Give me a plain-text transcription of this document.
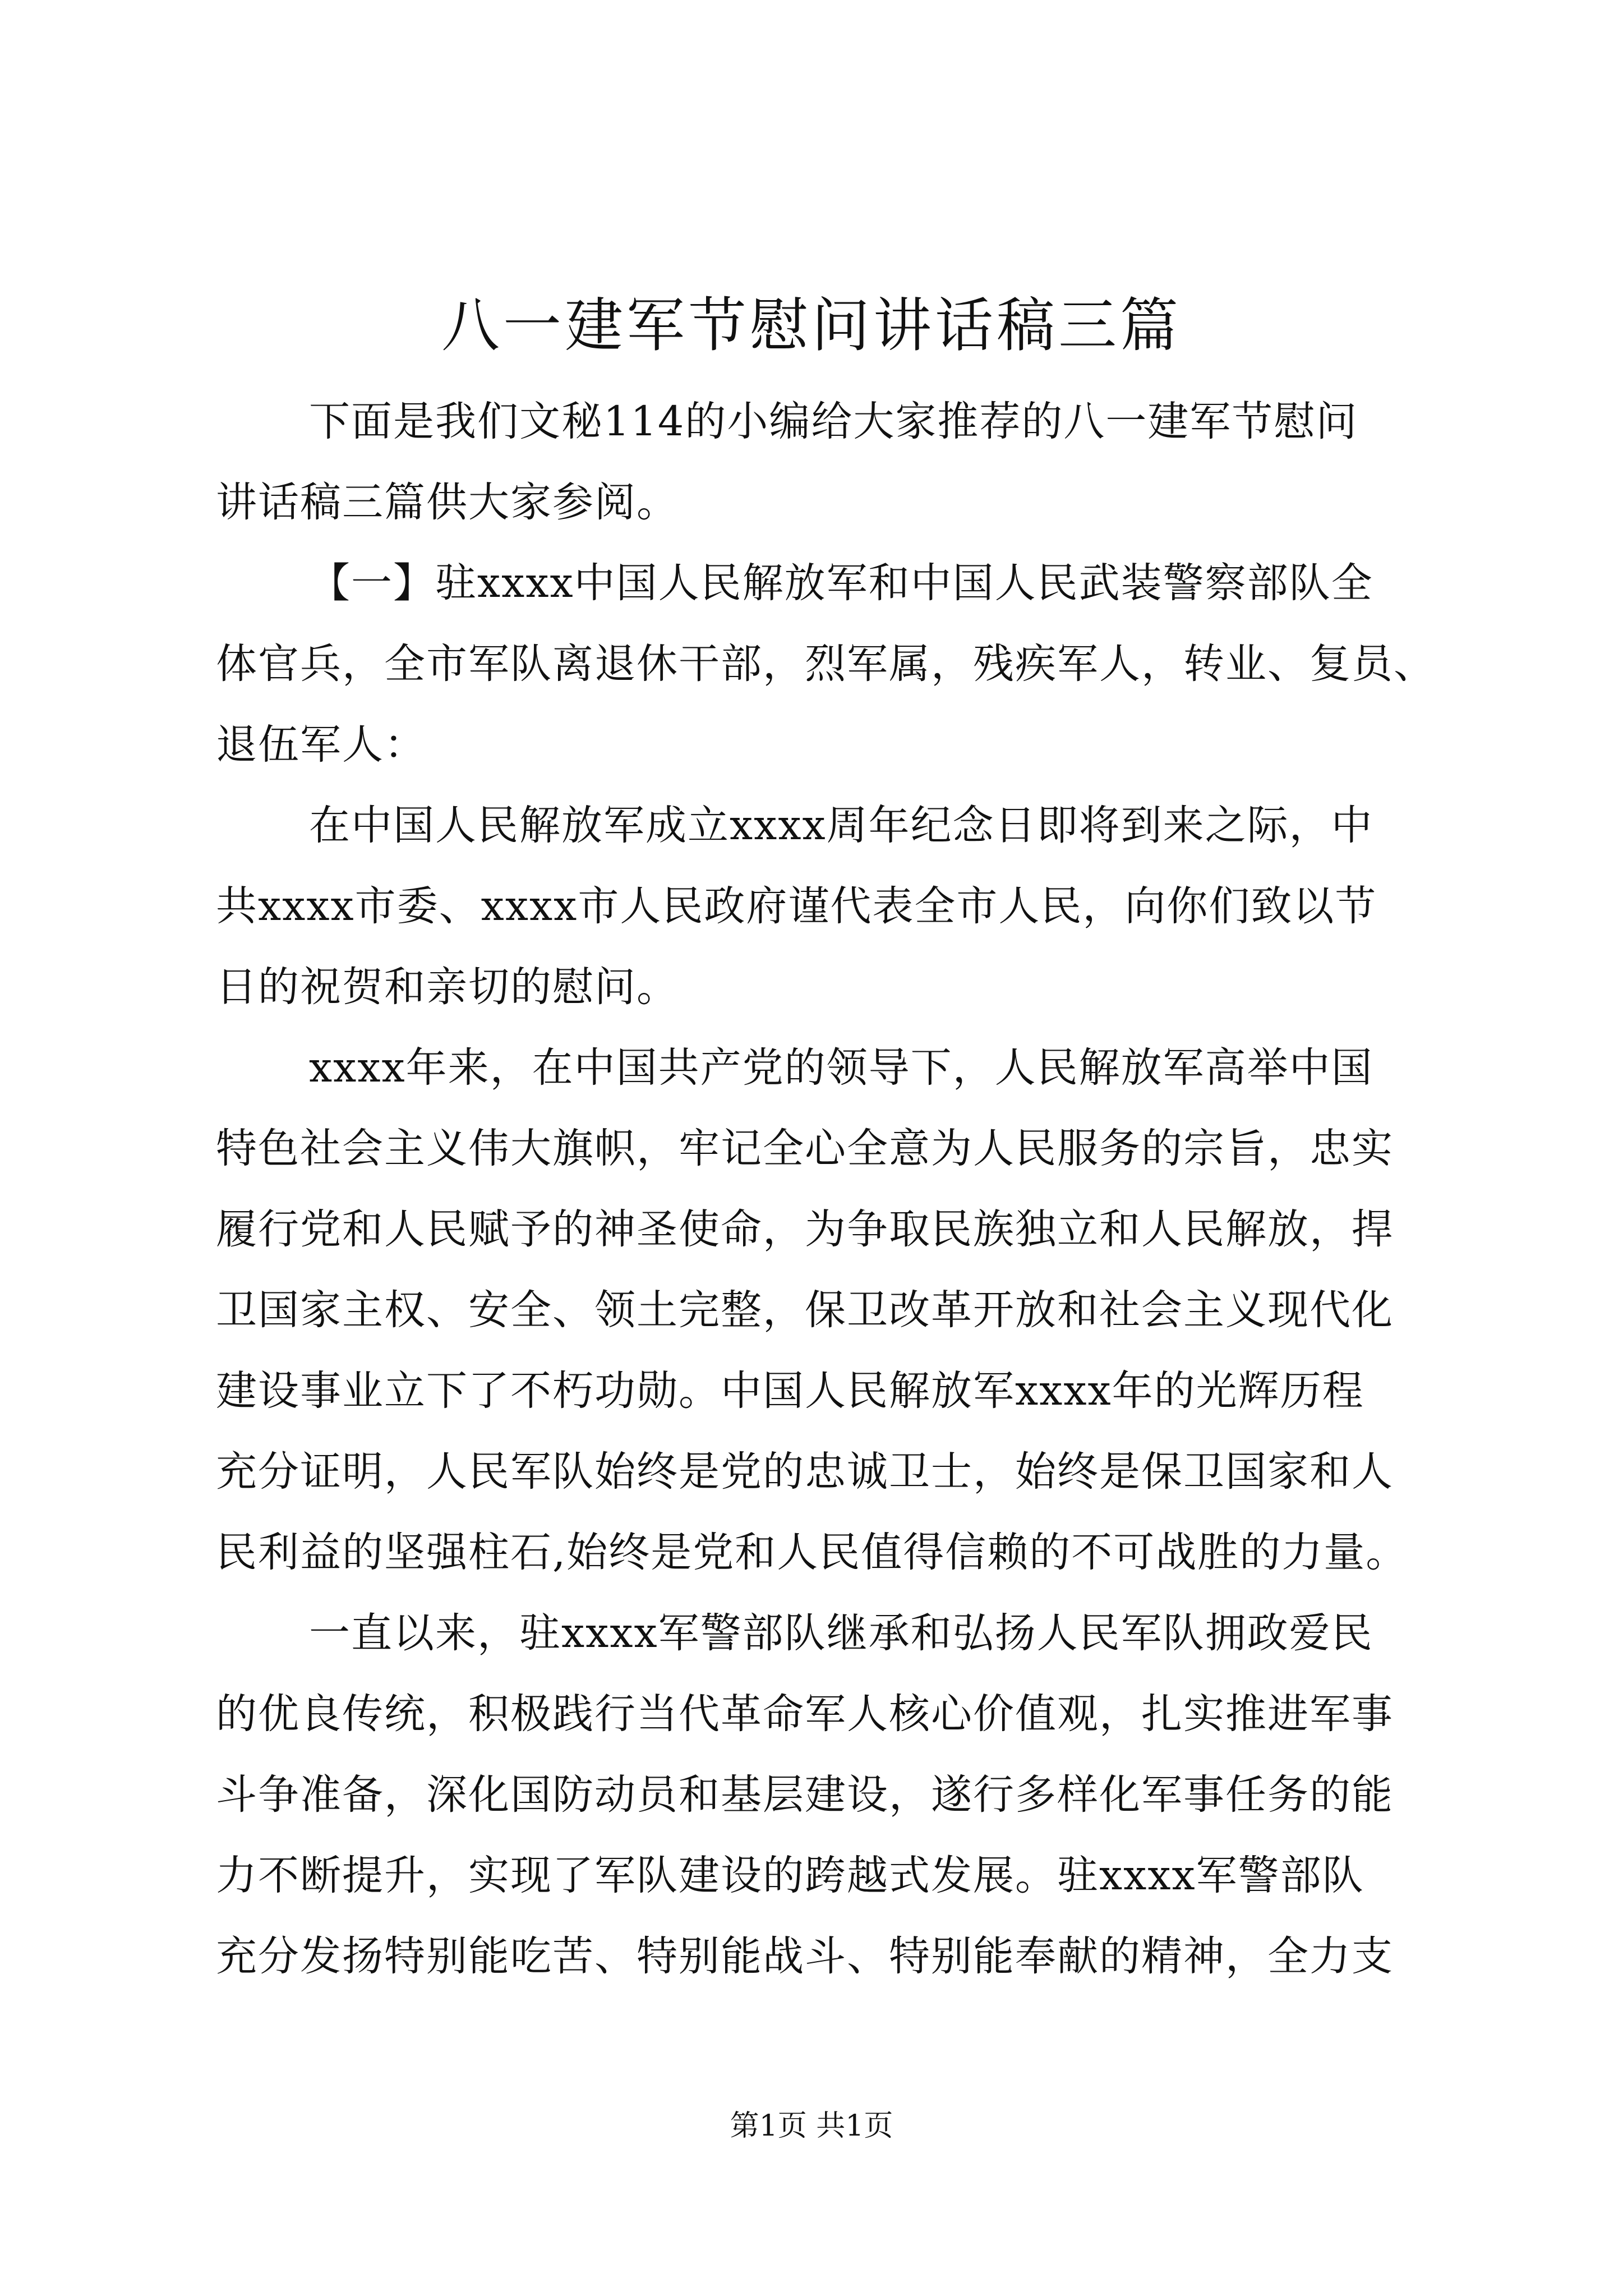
八一建军节慰问讲话稿三篇

下面是我们文秘114的小编给大家推荐的八一建军节慰问
讲话稿三篇供大家参阅。

【一】驻xxxx中国人民解放军和中国人民武装警察部队全
体官兵，全市军队离退休干部，烈军属，残疾军人，转业、复员、
退伍军人：

在中国人民解放军成立xxxx周年纪念日即将到来之际，中
共xxxx市委、xxxx市人民政府谨代表全市人民，向你们致以节
日的祝贺和亲切的慰问。

xxxx年来，在中国共产党的领导下，人民解放军高举中国
特色社会主义伟大旗帜，牢记全心全意为人民服务的宗旨，忠实
履行党和人民赋予的神圣使命，为争取民族独立和人民解放，捍
卫国家主权、安全、领土完整，保卫改革开放和社会主义现代化
建设事业立下了不朽功勋。中国人民解放军xxxx年的光辉历程
充分证明，人民军队始终是党的忠诚卫士，始终是保卫国家和人
民利益的坚强柱石,始终是党和人民值得信赖的不可战胜的力量。

一直以来，驻xxxx军警部队继承和弘扬人民军队拥政爱民
的优良传统，积极践行当代革命军人核心价值观，扎实推进军事
斗争准备，深化国防动员和基层建设，遂行多样化军事任务的能
力不断提升，实现了军队建设的跨越式发展。驻xxxx军警部队
充分发扬特别能吃苦、特别能战斗、特别能奉献的精神，全力支

第1页 共1页
